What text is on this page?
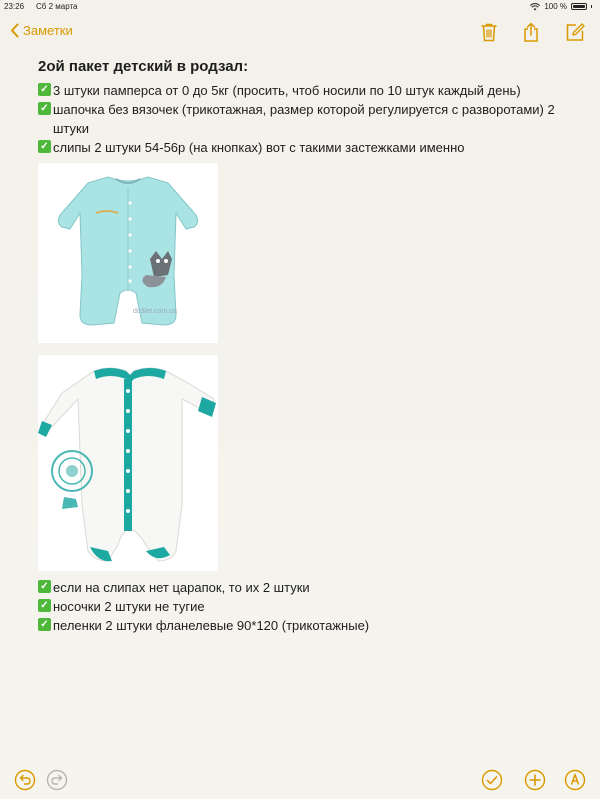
23:26 Сб 2 марта	100 %
Заметки
2ой пакет детский в родзал:
✓ 3 штуки памперса от 0 до 5кг (просить, чтоб носили по 10 штук каждый день)
✓ шапочка без вязочек (трикотажная, размер которой регулируется с разворотами) 2 штуки
✓ слипы 2 штуки 54-56р (на кнопках) вот с такими застежками именно
do3let.com.ua
✓ если на слипах нет царапок, то их 2 штуки
✓ носочки 2 штуки не тугие
✓ пеленки 2 штуки фланелевые 90*120 (трикотажные)
